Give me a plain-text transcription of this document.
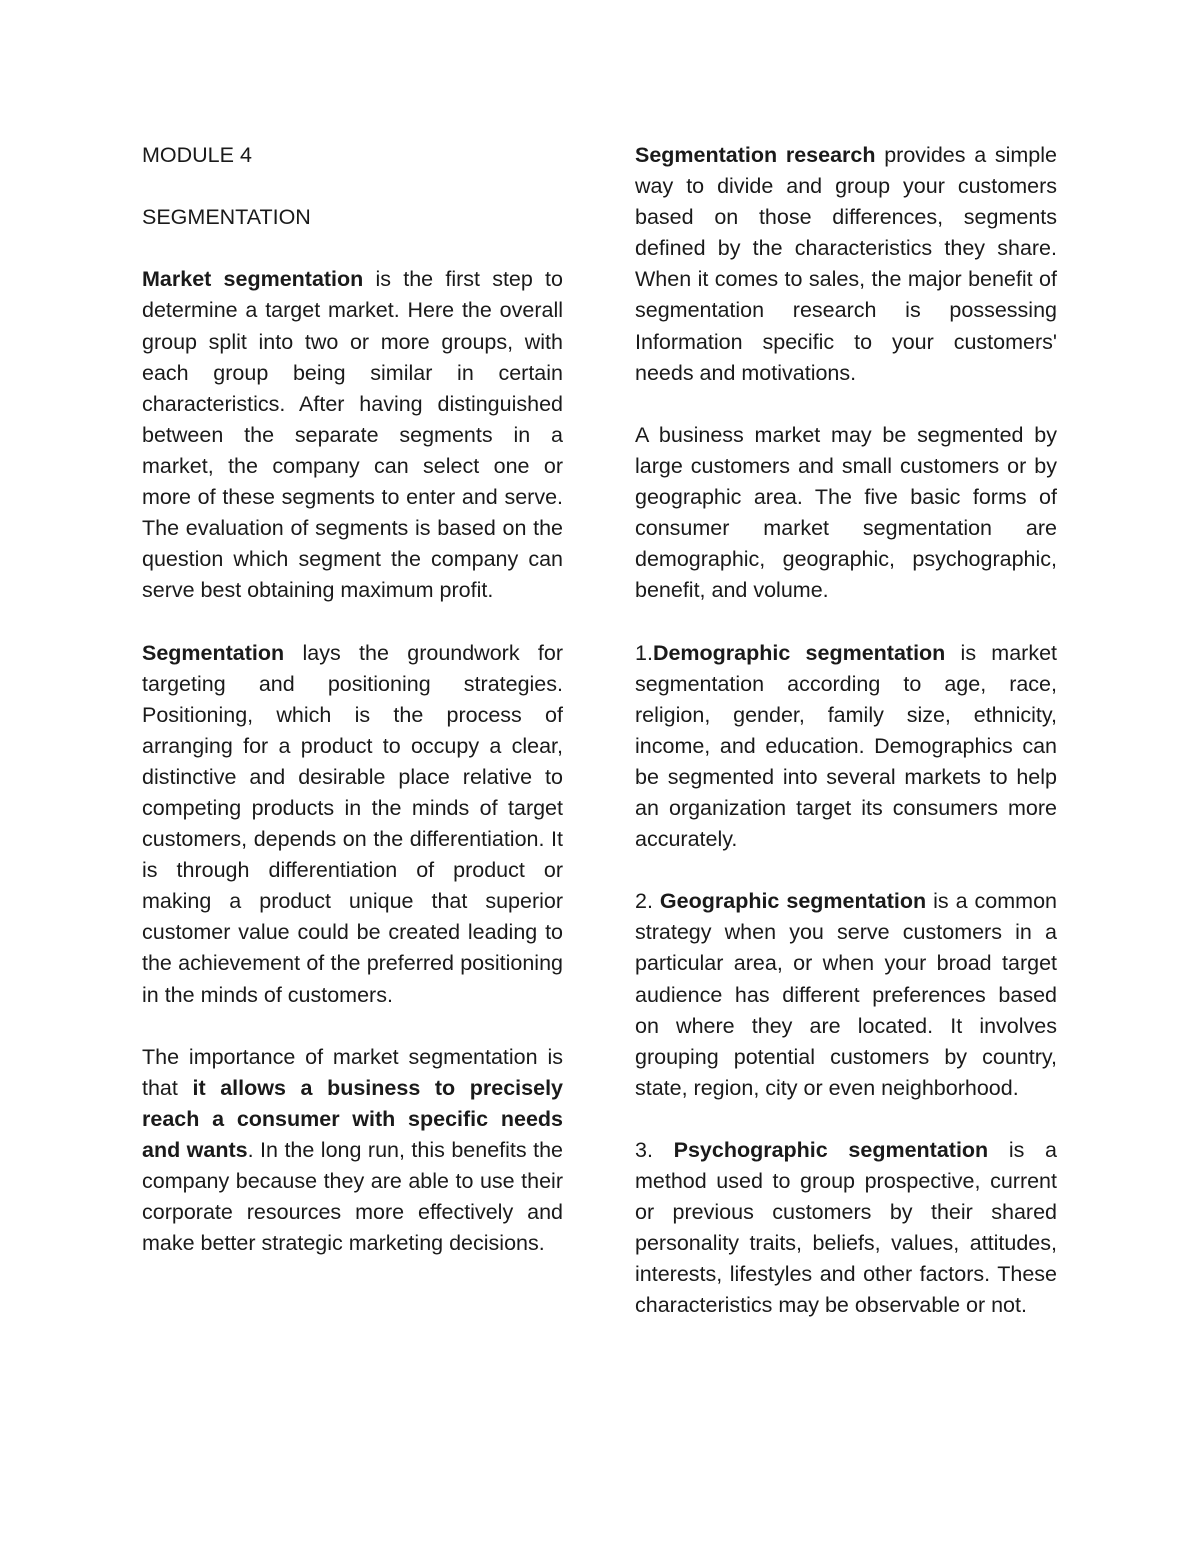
MODULE 4

SEGMENTATION

Market segmentation is the first step to determine a target market. Here the overall group split into two or more groups, with each group being similar in certain characteristics. After having distinguished between the separate segments in a market, the company can select one or more of these segments to enter and serve. The evaluation of segments is based on the question which segment the company can serve best obtaining maximum profit.

Segmentation lays the groundwork for targeting and positioning strategies. Positioning, which is the process of arranging for a product to occupy a clear, distinctive and desirable place relative to competing products in the minds of target customers, depends on the differentiation. It is through differentiation of product or making a product unique that superior customer value could be created leading to the achievement of the preferred positioning in the minds of customers.

The importance of market segmentation is that it allows a business to precisely reach a consumer with specific needs and wants. In the long run, this benefits the company because they are able to use their corporate resources more effectively and make better strategic marketing decisions.

Segmentation research provides a simple way to divide and group your customers based on those differences, segments defined by the characteristics they share. When it comes to sales, the major benefit of segmentation research is possessing Information specific to your customers' needs and motivations.

A business market may be segmented by large customers and small customers or by geographic area. The five basic forms of consumer market segmentation are demographic, geographic, psychographic, benefit, and volume.

1.Demographic segmentation is market segmentation according to age, race, religion, gender, family size, ethnicity, income, and education. Demographics can be segmented into several markets to help an organization target its consumers more accurately.

2. Geographic segmentation is a common strategy when you serve customers in a particular area, or when your broad target audience has different preferences based on where they are located. It involves grouping potential customers by country, state, region, city or even neighborhood.

3. Psychographic segmentation is a method used to group prospective, current or previous customers by their shared personality traits, beliefs, values, attitudes, interests, lifestyles and other factors. These characteristics may be observable or not.
